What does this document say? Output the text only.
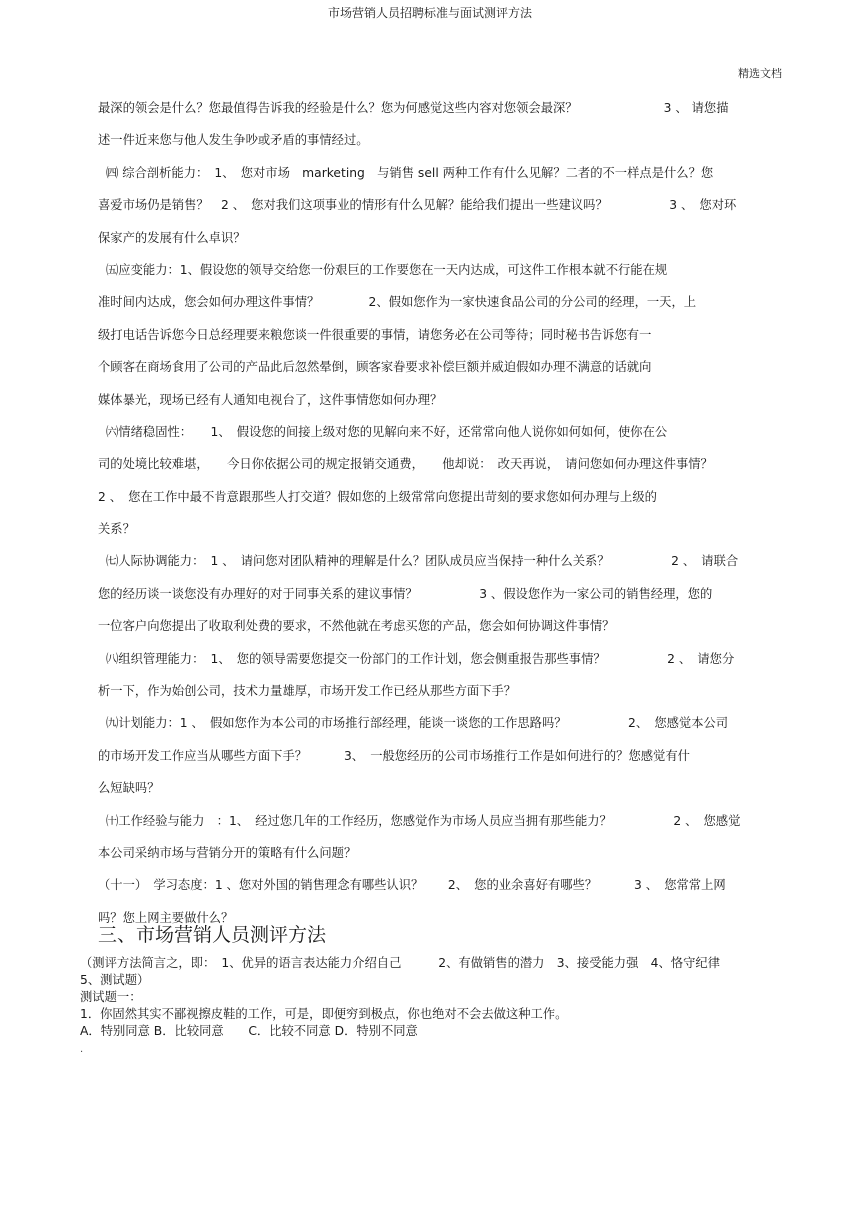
市场营销人员招聘标准与面试测评方法
精选文档
最深的领会是什么？您最值得告诉我的经验是什么？您为何感觉这些内容对您领会最深？　　　　　　　3 、 请您描
述一件近来您与他人发生争吵或矛盾的事情经过。
㈣ 综合剖析能力：　1、　您对市场　marketing　与销售 sell 两种工作有什么见解？二者的不一样点是什么？您
喜爱市场仍是销售？　2 、　您对我们这项事业的情形有什么见解？能给我们提出一些建议吗？　　　　　3 、　您对环
保家产的发展有什么卓识？
㈤应变能力：1、假设您的领导交给您一份艰巨的工作要您在一天内达成，可这件工作根本就不行能在规
准时间内达成，您会如何办理这件事情？　　　　2、假如您作为一家快速食品公司的分公司的经理，一天，上
级打电话告诉您今日总经理要来粮您谈一件很重要的事情，请您务必在公司等待；同时秘书告诉您有一
个顾客在商场食用了公司的产品此后忽然晕倒，顾客家眷要求补偿巨额并威迫假如办理不满意的话就向
媒体暴光，现场已经有人通知电视台了，这件事情您如何办理？
㈥情绪稳固性：　　1、　假设您的间接上级对您的见解向来不好，还常常向他人说你如何如何，使你在公
司的处境比较难堪，　　今日你依据公司的规定报销交通费，　　他却说：　改天再说，　请问您如何办理这件事情？
2 、　您在工作中最不肯意跟那些人打交道？假如您的上级常常向您提出苛刻的要求您如何办理与上级的
关系？
㈦人际协调能力：　1 、　请问您对团队精神的理解是什么？团队成员应当保持一种什么关系？　　　　　2 、　请联合
您的经历谈一谈您没有办理好的对于同事关系的建议事情？　　　　　3 、假设您作为一家公司的销售经理，您的
一位客户向您提出了收取利处费的要求，不然他就在考虑买您的产品，您会如何协调这件事情？
㈧组织管理能力：　1、　您的领导需要您提交一份部门的工作计划，您会侧重报告那些事情？　　　　　2 、　请您分
析一下，作为始创公司，技术力量雄厚，市场开发工作已经从那些方面下手？
㈨计划能力：1 、　假如您作为本公司的市场推行部经理，能谈一谈您的工作思路吗？　　　　　2、　您感觉本公司
的市场开发工作应当从哪些方面下手？　　　3、　一般您经历的公司市场推行工作是如何进行的？您感觉有什
么短缺吗？
㈩工作经验与能力　：1、　经过您几年的工作经历，您感觉作为市场人员应当拥有那些能力？　　　　　2 、　您感觉
本公司采纳市场与营销分开的策略有什么问题？
（十一）　学习态度：1 、您对外国的销售理念有哪些认识？　　2、　您的业余喜好有哪些？　　　3 、　您常常上网
吗？您上网主要做什么？
三、市场营销人员测评方法
（测评方法简言之，即：　1、优异的语言表达能力介绍自己　　　2、有做销售的潜力　3、接受能力强　4、恪守纪律
5、测试题）
测试题一：
1．你固然其实不鄙视擦皮鞋的工作，可是，即便穷到极点，你也绝对不会去做这种工作。
A．特别同意 B．比较同意　　C．比较不同意 D．特别不同意
.
